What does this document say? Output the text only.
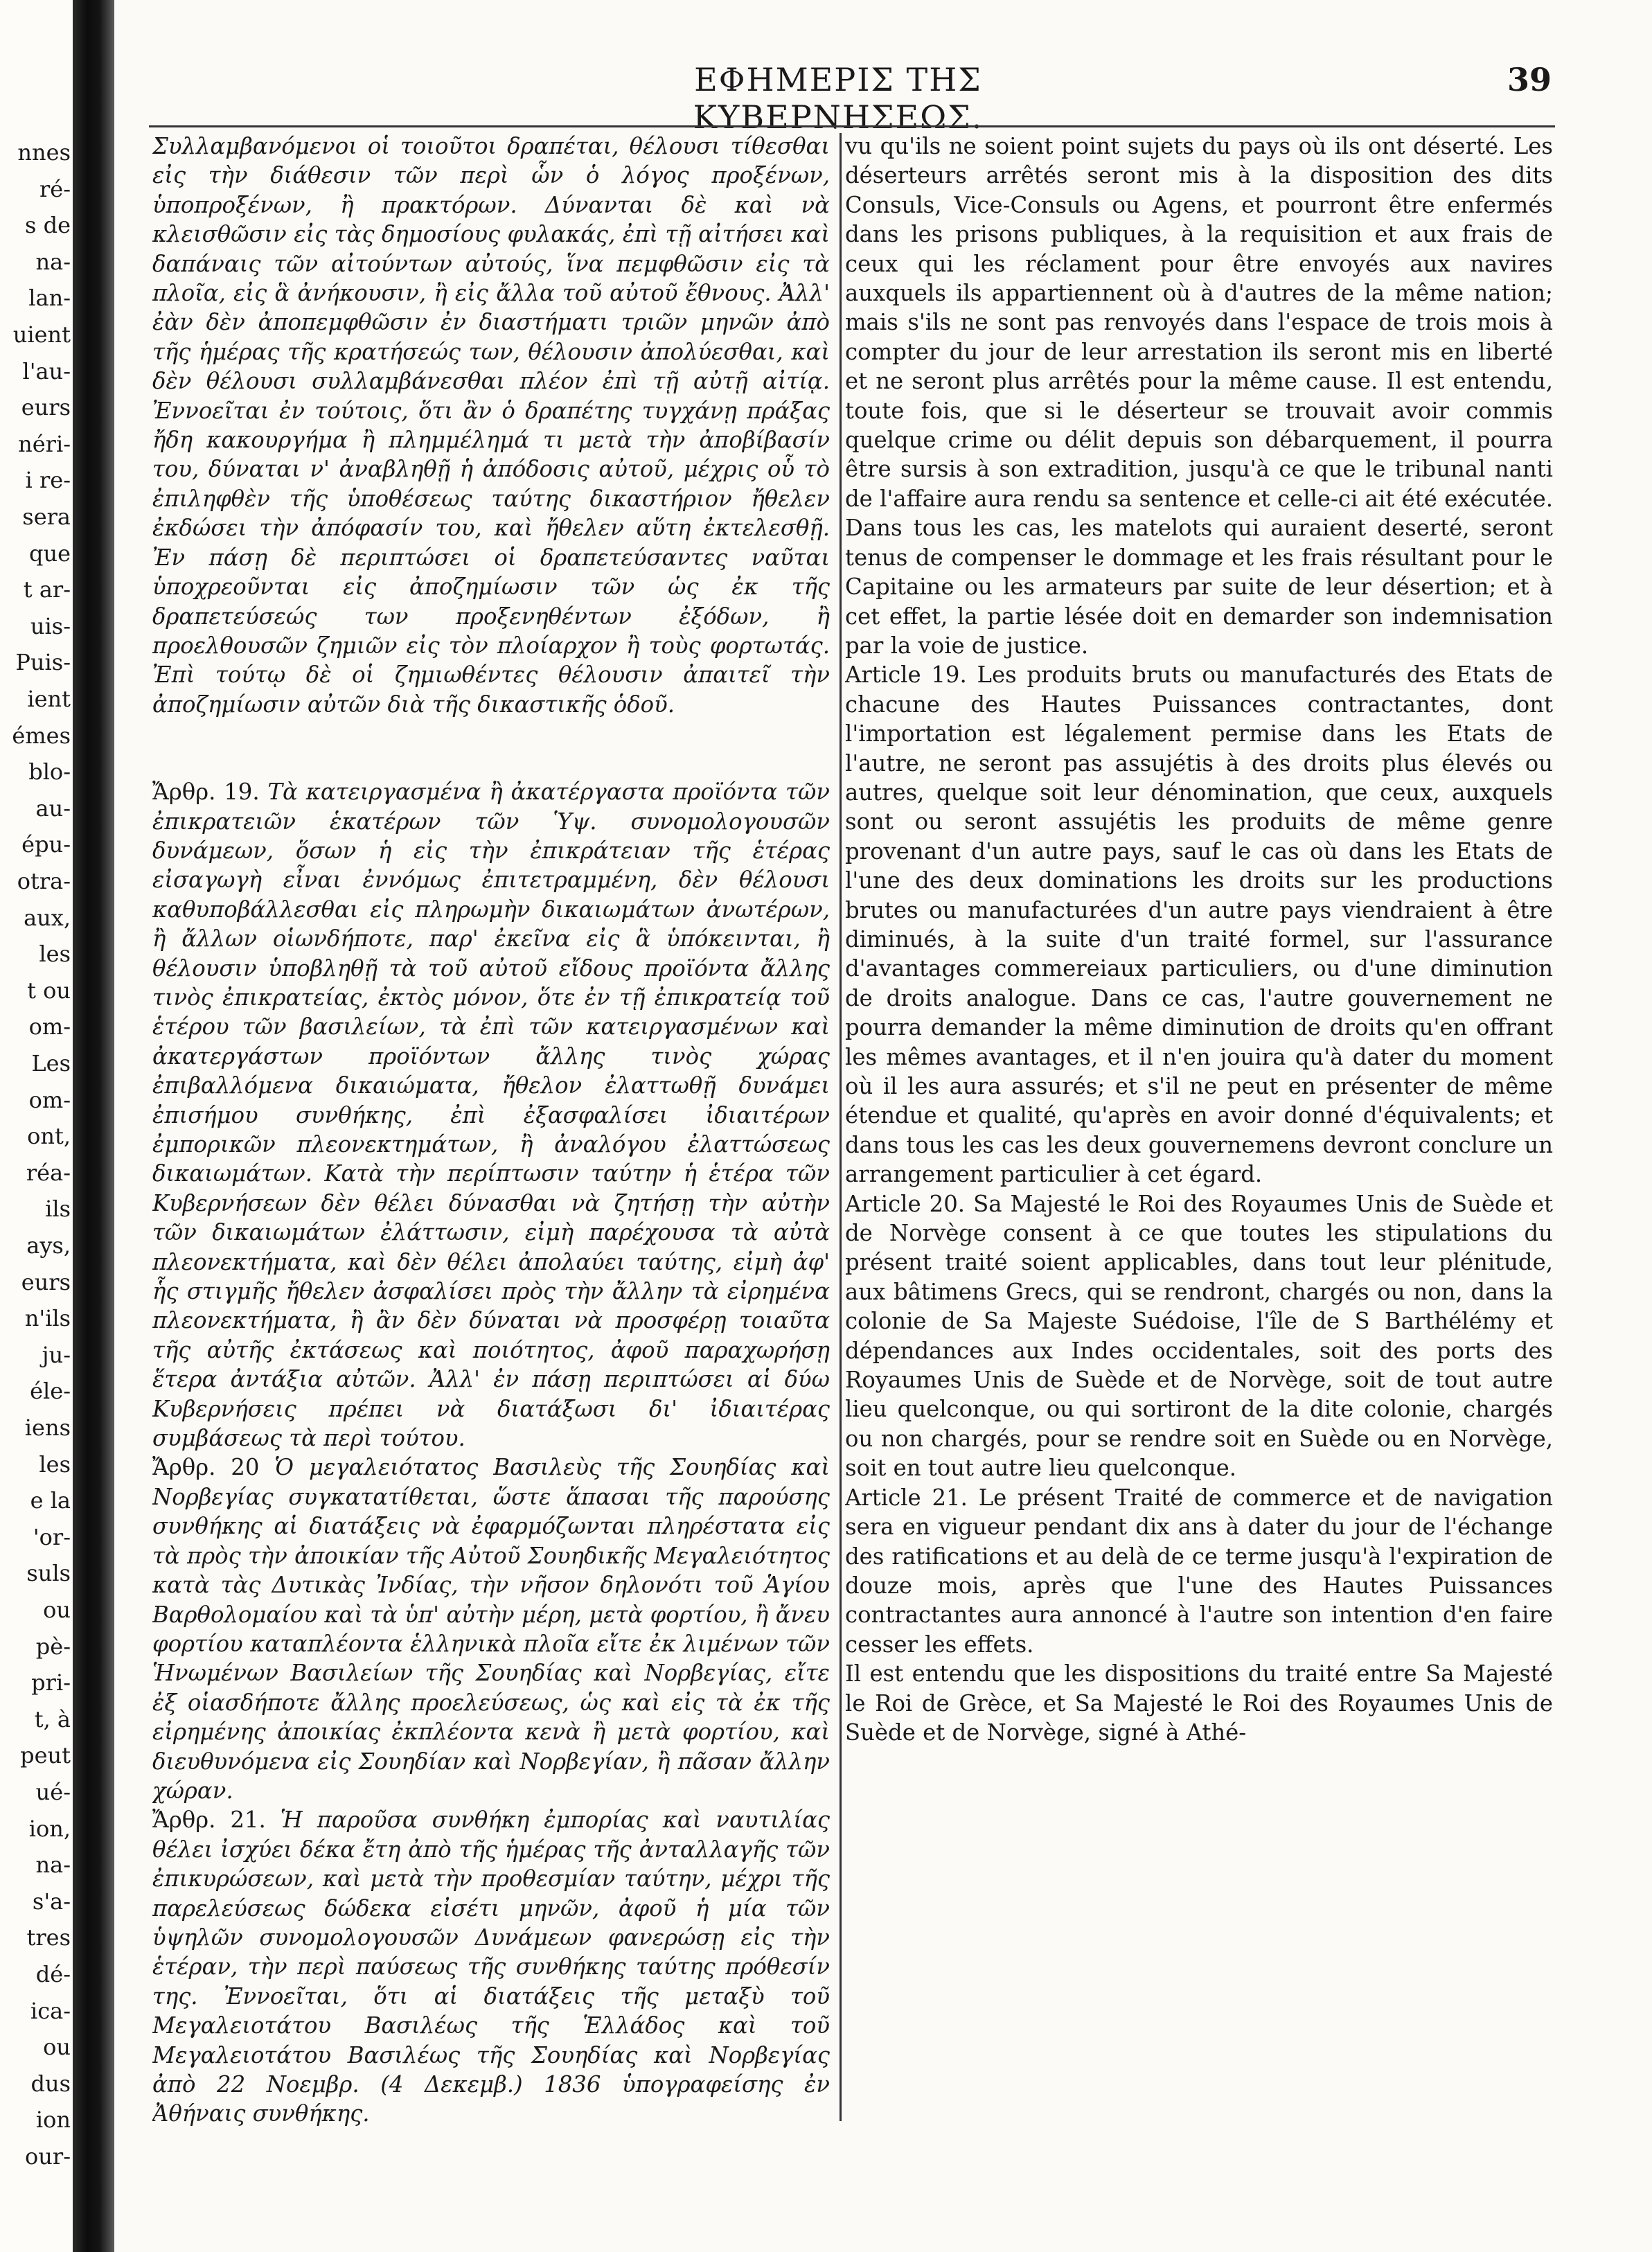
nnes
ré-
s de
na-
lan-
uient
l'au-
eurs
néri-
i re-
sera
que
t ar-
uis-
Puis-
ient
émes
blo-
au-
épu-
otra-
aux,
les
t ou
om-
Les
om-
ont,
réa-
ils
ays,
eurs
n'ils
ju-
éle-
iens
les
e la
'or-
suls
ou
pè-
pri-
t, à
peut
ué-
ion,
na-
s'a-
tres
dé-
ica-
ou
dus
ion
our-
ΕΦΗΜΕΡΙΣ ΤΗΣ ΚΥΒΕΡΝΗΣΕΩΣ.
39

Συλλαμβανόμενοι οἱ τοιοῦτοι δραπέται, θέλουσι τίθεσθαι εἰς τὴν διάθεσιν τῶν περὶ ὧν ὁ λόγος προξένων, ὑποπροξένων, ἢ πρακτόρων. Δύνανται δὲ καὶ νὰ κλεισθῶσιν εἰς τὰς δημοσίους φυλακάς, ἐπὶ τῇ αἰτήσει καὶ δαπάναις τῶν αἰτούντων αὐτούς, ἵνα πεμφθῶσιν εἰς τὰ πλοῖα, εἰς ἃ ἀνήκουσιν, ἢ εἰς ἄλλα τοῦ αὐτοῦ ἔθνους. Ἀλλ' ἐὰν δὲν ἀποπεμφθῶσιν ἐν διαστήματι τριῶν μηνῶν ἀπὸ τῆς ἡμέρας τῆς κρατήσεώς των, θέλουσιν ἀπολύεσθαι, καὶ δὲν θέλουσι συλλαμβάνεσθαι πλέον ἐπὶ τῇ αὐτῇ αἰτίᾳ. Ἐννοεῖται ἐν τούτοις, ὅτι ἂν ὁ δραπέτης τυγχάνῃ πράξας ἤδη κακουργήμα ἢ πλημμέλημά τι μετὰ τὴν ἀποβίβασίν του, δύναται ν' ἀναβληθῇ ἡ ἀπόδοσις αὐτοῦ, μέχρις οὗ τὸ ἐπιληφθὲν τῆς ὑποθέσεως ταύτης δικαστήριον ἤθελεν ἐκδώσει τὴν ἀπόφασίν του, καὶ ἤθελεν αὕτη ἐκτελεσθῇ. Ἐν πάσῃ δὲ περιπτώσει οἱ δραπετεύσαντες ναῦται ὑποχρεοῦνται εἰς ἀποζημίωσιν τῶν ὡς ἐκ τῆς δραπετεύσεώς των προξενηθέντων ἐξόδων, ἢ προελθουσῶν ζημιῶν εἰς τὸν πλοίαρχον ἢ τοὺς φορτωτάς. Ἐπὶ τούτῳ δὲ οἱ ζημιωθέντες θέλουσιν ἀπαιτεῖ τὴν ἀποζημίωσιν αὐτῶν διὰ τῆς δικαστικῆς ὁδοῦ.

Ἄρθρ. 19. Τὰ κατειργασμένα ἢ ἀκατέργαστα προϊόντα τῶν ἐπικρατειῶν ἑκατέρων τῶν Ὑψ. συνομολογουσῶν δυνάμεων, ὅσων ἡ εἰς τὴν ἐπικράτειαν τῆς ἑτέρας εἰσαγωγὴ εἶναι ἐννόμως ἐπιτετραμμένη, δὲν θέλουσι καθυποβάλλεσθαι εἰς πληρωμὴν δικαιωμάτων ἀνωτέρων, ἢ ἄλλων οἱωνδήποτε, παρ' ἐκεῖνα εἰς ἃ ὑπόκεινται, ἢ θέλουσιν ὑποβληθῇ τὰ τοῦ αὐτοῦ εἴδους προϊόντα ἄλλης τινὸς ἐπικρατείας, ἐκτὸς μόνον, ὅτε ἐν τῇ ἐπικρατείᾳ τοῦ ἑτέρου τῶν βασιλείων, τὰ ἐπὶ τῶν κατειργασμένων καὶ ἀκατεργάστων προϊόντων ἄλλης τινὸς χώρας ἐπιβαλλόμενα δικαιώματα, ἤθελον ἐλαττωθῇ δυνάμει ἐπισήμου συνθήκης, ἐπὶ ἐξασφαλίσει ἰδιαιτέρων ἐμπορικῶν πλεονεκτημάτων, ἢ ἀναλόγου ἐλαττώσεως δικαιωμάτων. Κατὰ τὴν περίπτωσιν ταύτην ἡ ἑτέρα τῶν Κυβερνήσεων δὲν θέλει δύνασθαι νὰ ζητήσῃ τὴν αὐτὴν τῶν δικαιωμάτων ἐλάττωσιν, εἰμὴ παρέχουσα τὰ αὐτὰ πλεονεκτήματα, καὶ δὲν θέλει ἀπολαύει ταύτης, εἰμὴ ἀφ' ἧς στιγμῆς ἤθελεν ἀσφαλίσει πρὸς τὴν ἄλλην τὰ εἰρημένα πλεονεκτήματα, ἢ ἂν δὲν δύναται νὰ προσφέρῃ τοιαῦτα τῆς αὐτῆς ἐκτάσεως καὶ ποιότητος, ἀφοῦ παραχωρήσῃ ἕτερα ἀντάξια αὐτῶν. Ἀλλ' ἐν πάσῃ περιπτώσει αἱ δύω Κυβερνήσεις πρέπει νὰ διατάξωσι δι' ἰδιαιτέρας συμβάσεως τὰ περὶ τούτου.

Ἄρθρ. 20 Ὁ μεγαλειότατος Βασιλεὺς τῆς Σουηδίας καὶ Νορβεγίας συγκατατίθεται, ὥστε ἅπασαι τῆς παρούσης συνθήκης αἱ διατάξεις νὰ ἐφαρμόζωνται πληρέστατα εἰς τὰ πρὸς τὴν ἀποικίαν τῆς Αὐτοῦ Σουηδικῆς Μεγαλειότητος κατὰ τὰς Δυτικὰς Ἰνδίας, τὴν νῆσον δηλονότι τοῦ Ἁγίου Βαρθολομαίου καὶ τὰ ὑπ' αὐτὴν μέρη, μετὰ φορτίου, ἢ ἄνευ φορτίου καταπλέοντα ἑλληνικὰ πλοῖα εἴτε ἐκ λιμένων τῶν Ἡνωμένων Βασιλείων τῆς Σουηδίας καὶ Νορβεγίας, εἴτε ἐξ οἱασδήποτε ἄλλης προελεύσεως, ὡς καὶ εἰς τὰ ἐκ τῆς εἰρημένης ἀποικίας ἐκπλέοντα κενὰ ἢ μετὰ φορτίου, καὶ διευθυνόμενα εἰς Σουηδίαν καὶ Νορβεγίαν, ἢ πᾶσαν ἄλλην χώραν.

Ἄρθρ. 21. Ἡ παροῦσα συνθήκη ἐμπορίας καὶ ναυτιλίας θέλει ἰσχύει δέκα ἔτη ἀπὸ τῆς ἡμέρας τῆς ἀνταλλαγῆς τῶν ἐπικυρώσεων, καὶ μετὰ τὴν προθεσμίαν ταύτην, μέχρι τῆς παρελεύσεως δώδεκα εἰσέτι μηνῶν, ἀφοῦ ἡ μία τῶν ὑψηλῶν συνομολογουσῶν Δυνάμεων φανερώσῃ εἰς τὴν ἑτέραν, τὴν περὶ παύσεως τῆς συνθήκης ταύτης πρόθεσίν της. Ἐννοεῖται, ὅτι αἱ διατάξεις τῆς μεταξὺ τοῦ Μεγαλειοτάτου Βασιλέως τῆς Ἑλλάδος καὶ τοῦ Μεγαλειοτάτου Βασιλέως τῆς Σουηδίας καὶ Νορβεγίας ἀπὸ 22 Νοεμβρ. (4 Δεκεμβ.) 1836 ὑπογραφείσης ἐν Ἀθήναις συνθήκης.

vu qu'ils ne soient point sujets du pays où ils ont déserté. Les déserteurs arrêtés seront mis à la disposition des dits Consuls, Vice-Consuls ou Agens, et pourront être enfermés dans les prisons publiques, à la requisition et aux frais de ceux qui les réclament pour être envoyés aux navires auxquels ils appartiennent où à d'autres de la même nation; mais s'ils ne sont pas renvoyés dans l'espace de trois mois à compter du jour de leur arrestation ils seront mis en liberté et ne seront plus arrêtés pour la même cause. Il est entendu, toute fois, que si le déserteur se trouvait avoir commis quelque crime ou délit depuis son débarquement, il pourra être sursis à son extradition, jusqu'à ce que le tribunal nanti de l'affaire aura rendu sa sentence et celle-ci ait été exécutée. Dans tous les cas, les matelots qui auraient deserté, seront tenus de compenser le dommage et les frais résultant pour le Capitaine ou les armateurs par suite de leur désertion; et à cet effet, la partie lésée doit en demarder son indemnisation par la voie de justice.

Article 19. Les produits bruts ou manufacturés des Etats de chacune des Hautes Puissances contractantes, dont l'importation est légalement permise dans les Etats de l'autre, ne seront pas assujétis à des droits plus élevés ou autres, quelque soit leur dénomination, que ceux, auxquels sont ou seront assujétis les produits de même genre provenant d'un autre pays, sauf le cas où dans les Etats de l'une des deux dominations les droits sur les productions brutes ou manufacturées d'un autre pays viendraient à être diminués, à la suite d'un traité formel, sur l'assurance d'avantages commereiaux particuliers, ou d'une diminution de droits analogue. Dans ce cas, l'autre gouvernement ne pourra demander la même diminution de droits qu'en offrant les mêmes avantages, et il n'en jouira qu'à dater du moment où il les aura assurés; et s'il ne peut en présenter de même étendue et qualité, qu'après en avoir donné d'équivalents; et dans tous les cas les deux gouvernemens devront conclure un arrangement particulier à cet égard.

Article 20. Sa Majesté le Roi des Royaumes Unis de Suède et de Norvège consent à ce que toutes les stipulations du présent traité soient applicables, dans tout leur plénitude, aux bâtimens Grecs, qui se rendront, chargés ou non, dans la colonie de Sa Majeste Suédoise, l'île de S Barthélémy et dépendances aux Indes occidentales, soit des ports des Royaumes Unis de Suède et de Norvège, soit de tout autre lieu quelconque, ou qui sortiront de la dite colonie, chargés ou non chargés, pour se rendre soit en Suède ou en Norvège, soit en tout autre lieu quelconque.

Article 21. Le présent Traité de commerce et de navigation sera en vigueur pendant dix ans à dater du jour de l'échange des ratifications et au delà de ce terme jusqu'à l'expiration de douze mois, après que l'une des Hautes Puissances contractantes aura annoncé à l'autre son intention d'en faire cesser les effets.

Il est entendu que les dispositions du traité entre Sa Majesté le Roi de Grèce, et Sa Majesté le Roi des Royaumes Unis de Suède et de Norvège, signé à Athé-
